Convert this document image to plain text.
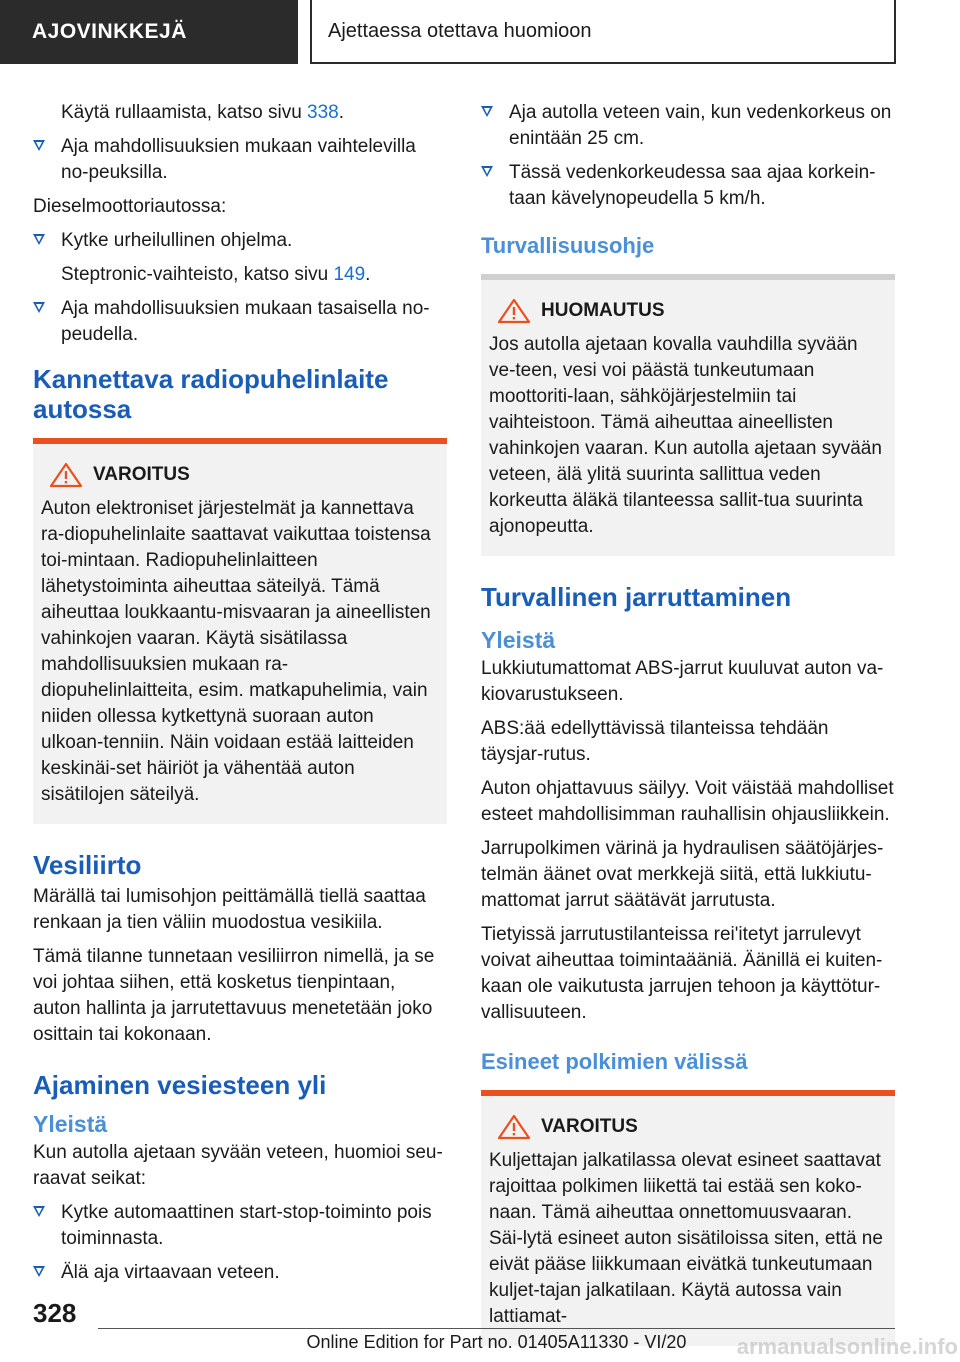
AJOVINKKEJÄ	Ajettaessa otettava huomioon

Käytä rullaamista, katso sivu 338.

Aja mahdollisuuksien mukaan vaihtelevilla no-peuksilla.

Dieselmoottoriautossa:

Kytke urheilullinen ohjelma.

Steptronic-vaihteisto, katso sivu 149.

Aja mahdollisuuksien mukaan tasaisella no-peudella.
Kannettava radiopuhelinlaite autossa
VAROITUS

Auton elektroniset järjestelmät ja kannettava ra-diopuhelinlaite saattavat vaikuttaa toistensa toi-mintaan. Radiopuhelinlaitteen lähetystoiminta aiheuttaa säteilyä. Tämä aiheuttaa loukkaantu-misvaaran ja aineellisten vahinkojen vaaran. Käytä sisätilassa mahdollisuuksien mukaan ra-diopuhelinlaitteita, esim. matkapuhelimia, vain niiden ollessa kytkettynä suoraan auton ulkoan-tenniin. Näin voidaan estää laitteiden keskinäi-set häiriöt ja vähentää auton sisätilojen säteilyä.

Vesiliirto

Märällä tai lumisohjon peittämällä tiellä saattaa renkaan ja tien väliin muodostua vesikiila.

Tämä tilanne tunnetaan vesiliirron nimellä, ja se voi johtaa siihen, että kosketus tienpintaan, auton hallinta ja jarrutettavuus menetetään joko osittain tai kokonaan.

Ajaminen vesiesteen yli
Yleistä

Kun autolla ajetaan syvään veteen, huomioi seu-raavat seikat:

Kytke automaattinen start-stop-toiminto pois toiminnasta.
Älä aja virtaavaan veteen.
Aja autolla veteen vain, kun vedenkorkeus on enintään 25 cm.
Tässä vedenkorkeudessa saa ajaa korkein-taan kävelynopeudella 5 km/h.
Turvallisuusohje
HUOMAUTUS

Jos autolla ajetaan kovalla vauhdilla syvään ve-teen, vesi voi päästä tunkeutumaan moottoriti-laan, sähköjärjestelmiin tai vaihteistoon. Tämä aiheuttaa aineellisten vahinkojen vaaran. Kun autolla ajetaan syvään veteen, älä ylitä suurinta sallittua veden korkeutta äläkä tilanteessa sallit-tua suurinta ajonopeutta.

Turvallinen jarruttaminen
Yleistä

Lukkiutumattomat ABS-jarrut kuuluvat auton va-kiovarustukseen.

ABS:ää edellyttävissä tilanteissa tehdään täysjar-rutus.

Auton ohjattavuus säilyy. Voit väistää mahdolliset esteet mahdollisimman rauhallisin ohjausliikkein.

Jarrupolkimen värinä ja hydraulisen säätöjärjes-telmän äänet ovat merkkejä siitä, että lukkiutu-mattomat jarrut säätävät jarrutusta.

Tietyissä jarrutustilanteissa rei'itetyt jarrulevyt voivat aiheuttaa toimintaääniä. Äänillä ei kuiten-kaan ole vaikutusta jarrujen tehoon ja käyttötur-vallisuuteen.

Esineet polkimien välissä
VAROITUS

Kuljettajan jalkatilassa olevat esineet saattavat rajoittaa polkimen liikettä tai estää sen koko-naan. Tämä aiheuttaa onnettomuusvaaran. Säi-lytä esineet auton sisätiloissa siten, että ne eivät pääse liikkumaan eivätkä tunkeutumaan kuljet-tajan jalkatilaan. Käytä autossa vain lattiamat-

328
Online Edition for Part no. 01405A11330 - VI/20	armanualsonline.info
